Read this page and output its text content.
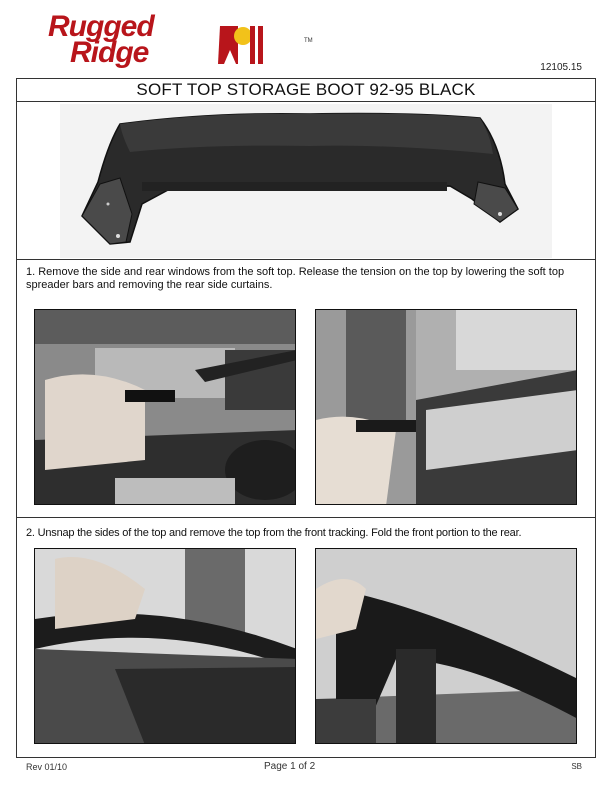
Rugged
Ridge	TM
12105.15
SOFT TOP STORAGE BOOT 92-95 BLACK
1. Remove the side and rear windows from the soft top. Release the tension on the top by lowering the soft top spreader bars and removing the rear side curtains.
2. Unsnap the sides of the top and remove the top from the front tracking. Fold the front portion to the rear.
Rev 01/10	Page 1 of 2	SB
